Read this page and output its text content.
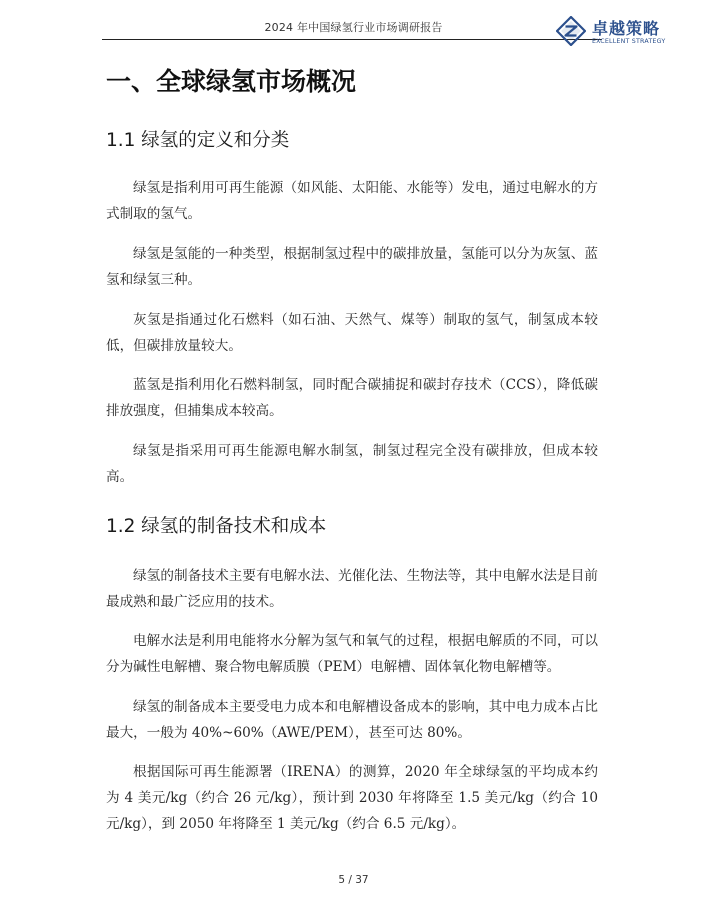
2024 年中国绿氢行业市场调研报告	卓越策略
EXCELLENT STRATEGY
一、全球绿氢市场概况
1.1 绿氢的定义和分类

绿氢是指利用可再生能源（如风能、太阳能、水能等）发电，通过电解水的方式制取的氢气。

绿氢是氢能的一种类型，根据制氢过程中的碳排放量，氢能可以分为灰氢、蓝氢和绿氢三种。

灰氢是指通过化石燃料（如石油、天然气、煤等）制取的氢气，制氢成本较低，但碳排放量较大。

蓝氢是指利用化石燃料制氢，同时配合碳捕捉和碳封存技术（CCS），降低碳排放强度，但捕集成本较高。

绿氢是指采用可再生能源电解水制氢，制氢过程完全没有碳排放，但成本较高。

1.2 绿氢的制备技术和成本

绿氢的制备技术主要有电解水法、光催化法、生物法等，其中电解水法是目前最成熟和最广泛应用的技术。

电解水法是利用电能将水分解为氢气和氧气的过程，根据电解质的不同，可以分为碱性电解槽、聚合物电解质膜（PEM）电解槽、固体氧化物电解槽等。

绿氢的制备成本主要受电力成本和电解槽设备成本的影响，其中电力成本占比最大，一般为 40%~60%（AWE/PEM），甚至可达 80%。

根据国际可再生能源署（IRENA）的测算，2020 年全球绿氢的平均成本约为 4 美元/kg（约合 26 元/kg），预计到 2030 年将降至 1.5 美元/kg（约合 10 元/kg），到 2050 年将降至 1 美元/kg（约合 6.5 元/kg）。

5 / 37
